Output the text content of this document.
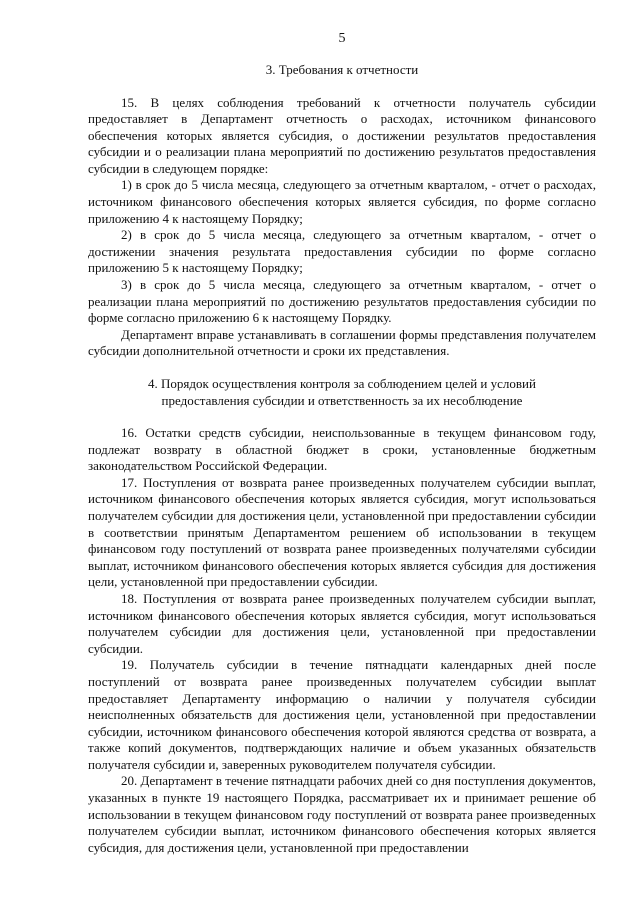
5

3. Требования к отчетности

15. В целях соблюдения требований к отчетности получатель субсидии предоставляет в Департамент отчетность о расходах, источником финансового обеспечения которых является субсидия, о достижении результатов предоставления субсидии и о реализации плана мероприятий по достижению результатов предоставления субсидии в следующем порядке:

1) в срок до 5 числа месяца, следующего за отчетным кварталом, - отчет о расходах, источником финансового обеспечения которых является субсидия, по форме согласно приложению 4 к настоящему Порядку;

2) в срок до 5 числа месяца, следующего за отчетным кварталом, - отчет о достижении значения результата предоставления субсидии по форме согласно приложению 5 к настоящему Порядку;

3) в срок до 5 числа месяца, следующего за отчетным кварталом, - отчет о реализации плана мероприятий по достижению результатов предоставления субсидии по форме согласно приложению 6 к настоящему Порядку.

Департамент вправе устанавливать в соглашении формы представления получателем субсидии дополнительной отчетности и сроки их представления.

4. Порядок осуществления контроля за соблюдением целей и условий
предоставления субсидии и ответственность за их несоблюдение

16. Остатки средств субсидии, неиспользованные в текущем финансовом году, подлежат возврату в областной бюджет в сроки, установленные бюджетным законодательством Российской Федерации.

17. Поступления от возврата ранее произведенных получателем субсидии выплат, источником финансового обеспечения которых является субсидия, могут использоваться получателем субсидии для достижения цели, установленной при предоставлении субсидии в соответствии принятым Департаментом решением об использовании в текущем финансовом году поступлений от возврата ранее произведенных получателями субсидии выплат, источником финансового обеспечения которых является субсидия для достижения цели, установленной при предоставлении субсидии.

18. Поступления от возврата ранее произведенных получателем субсидии выплат, источником финансового обеспечения которых является субсидия, могут использоваться получателем субсидии для достижения цели, установленной при предоставлении субсидии.

19. Получатель субсидии в течение пятнадцати календарных дней после поступлений от возврата ранее произведенных получателем субсидии выплат предоставляет Департаменту информацию о наличии у получателя субсидии неисполненных обязательств для достижения цели, установленной при предоставлении субсидии, источником финансового обеспечения которой являются средства от возврата, а также копий документов, подтверждающих наличие и объем указанных обязательств получателя субсидии и, заверенных руководителем получателя субсидии.

20. Департамент в течение пятнадцати рабочих дней со дня поступления документов, указанных в пункте 19 настоящего Порядка, рассматривает их и принимает решение об использовании в текущем финансовом году поступлений от возврата ранее произведенных получателем субсидии выплат, источником финансового обеспечения которых является субсидия, для достижения цели, установленной при предоставлении
